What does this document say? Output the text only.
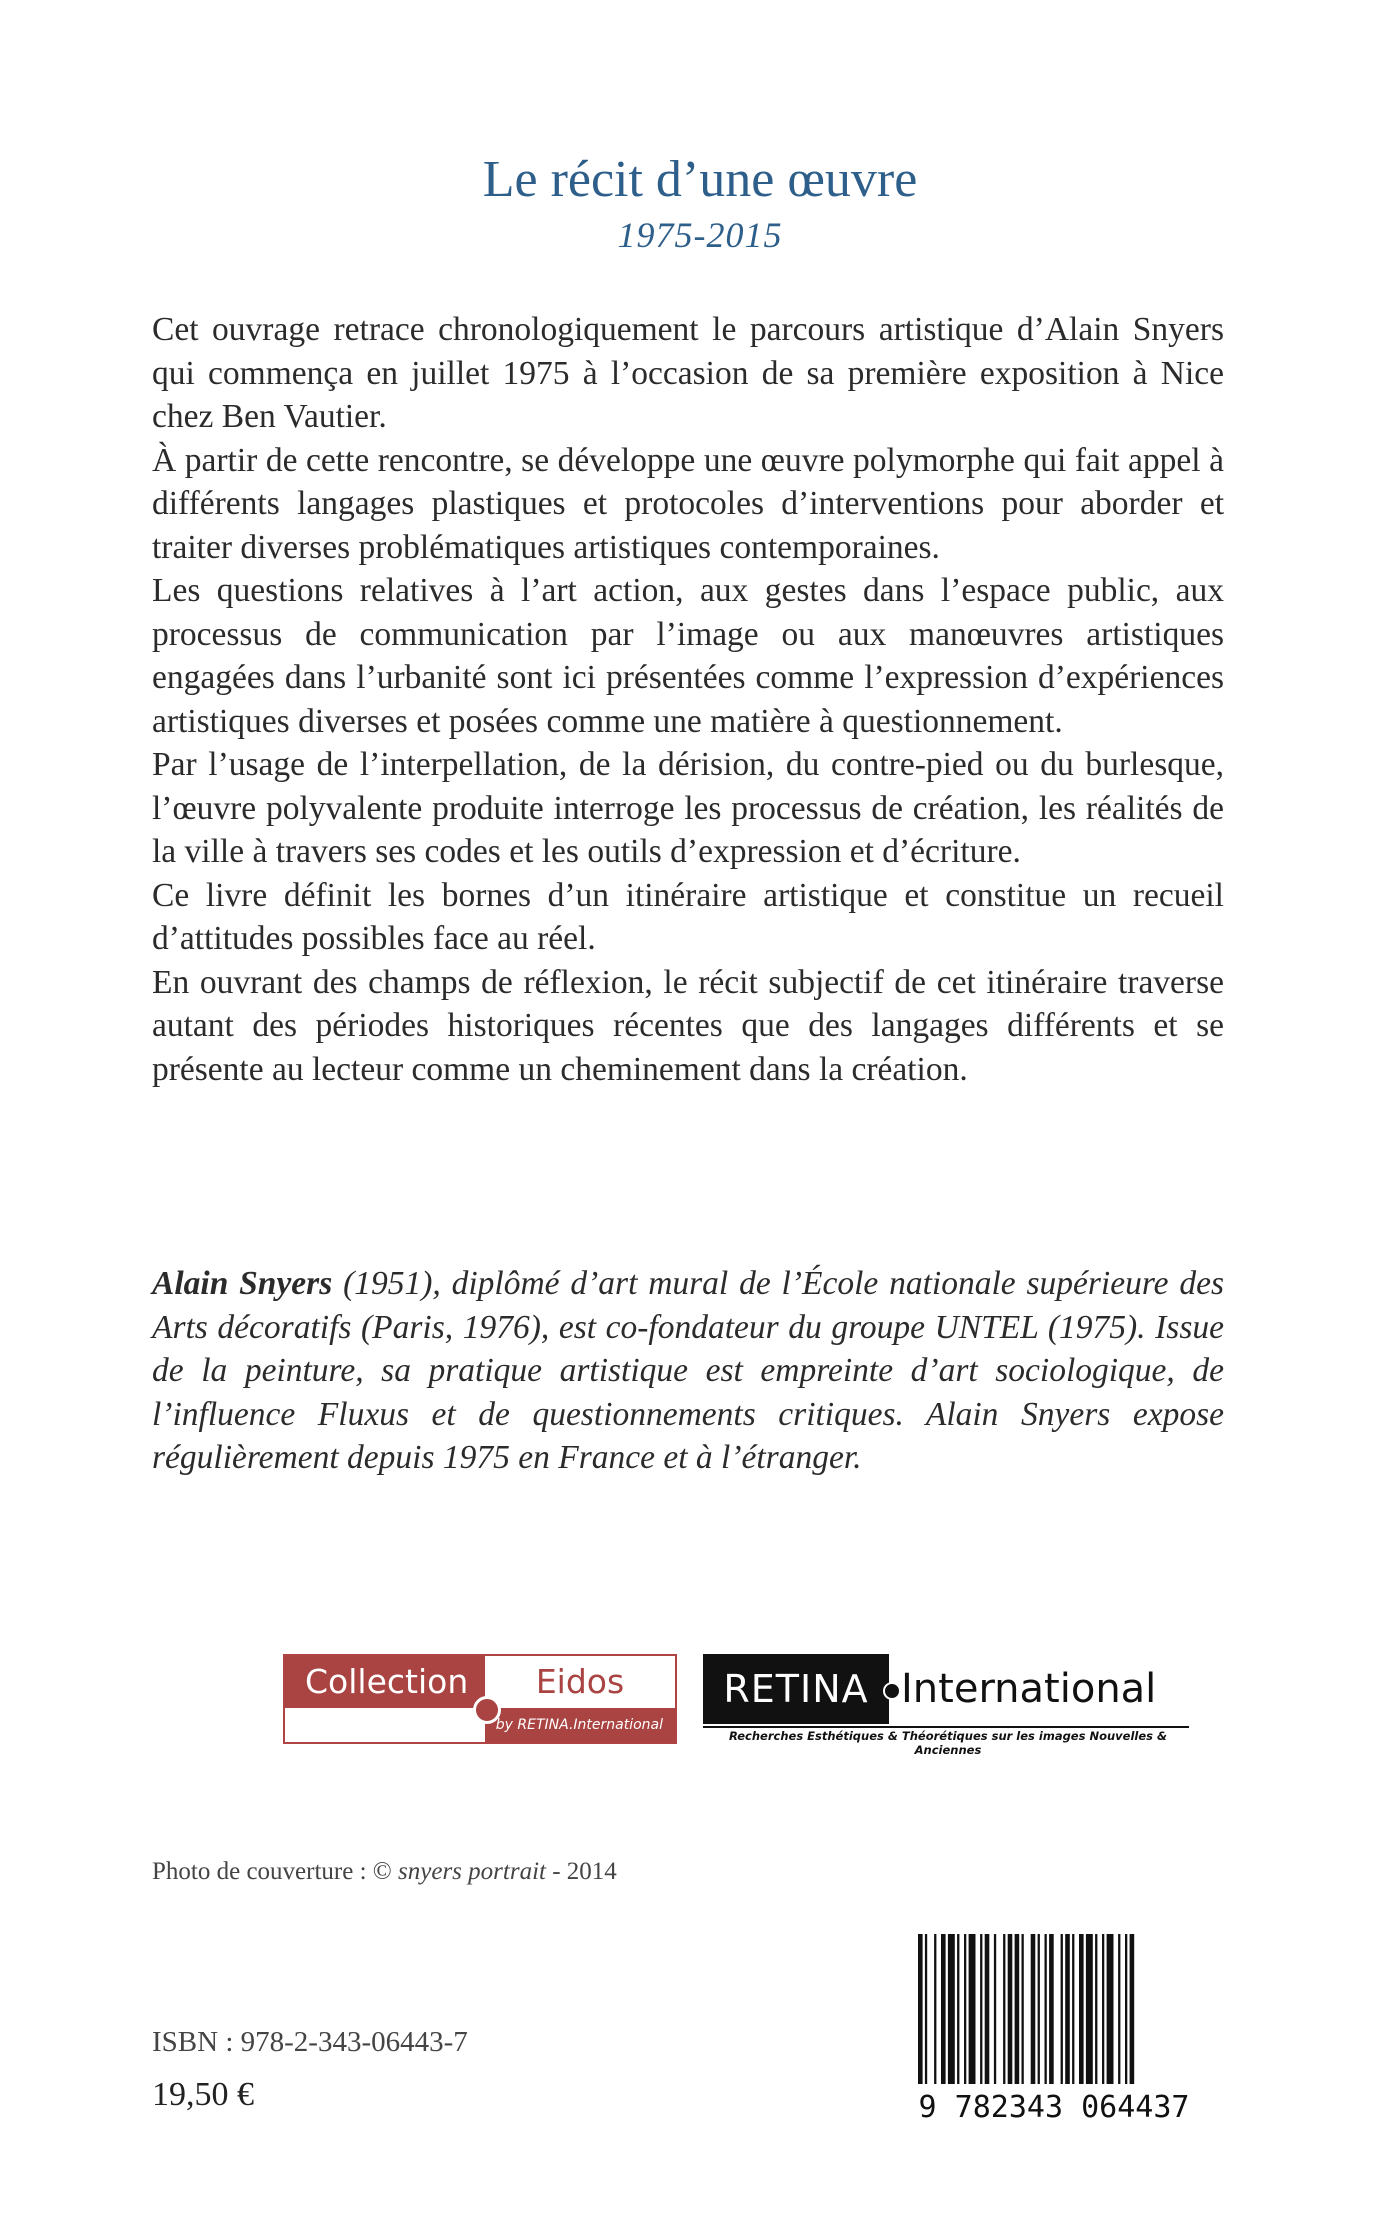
Le récit d’une œuvre
1975-2015

Cet ouvrage retrace chronologiquement le parcours artistique d’Alain Snyers qui commença en juillet 1975 à l’occasion de sa première exposition à Nice chez Ben Vautier.

À partir de cette rencontre, se développe une œuvre polymorphe qui fait appel à différents langages plastiques et protocoles d’interventions pour aborder et traiter diverses problématiques artistiques contemporaines.

Les questions relatives à l’art action, aux gestes dans l’espace public, aux processus de communication par l’image ou aux manœuvres artistiques engagées dans l’urbanité sont ici présentées comme l’expression d’expériences artistiques diverses et posées comme une matière à questionnement.

Par l’usage de l’interpellation, de la dérision, du contre-pied ou du burlesque, l’œuvre polyvalente produite interroge les processus de création, les réalités de la ville à travers ses codes et les outils d’expression et d’écriture.

Ce livre définit les bornes d’un itinéraire artistique et constitue un recueil d’attitudes possibles face au réel.

En ouvrant des champs de réflexion, le récit subjectif de cet itinéraire traverse autant des périodes historiques récentes que des langages différents et se présente au lecteur comme un cheminement dans la création.

Alain Snyers (1951), diplômé d’art mural de l’École nationale supérieure des Arts décoratifs (Paris, 1976), est co-fondateur du groupe UNTEL (1975). Issue de la peinture, sa pratique artistique est empreinte d’art sociologique, de l’influence Fluxus et de questionnements critiques. Alain Snyers expose régulièrement depuis 1975 en France et à l’étranger.

Collection	Eidos
by RETINA.International
RETINA International
Recherches Esthétiques & Théorétiques sur les images Nouvelles & Anciennes
Photo de couverture : © snyers portrait - 2014
ISBN : 978-2-343-06443-7
19,50 €	9 782343 064437
